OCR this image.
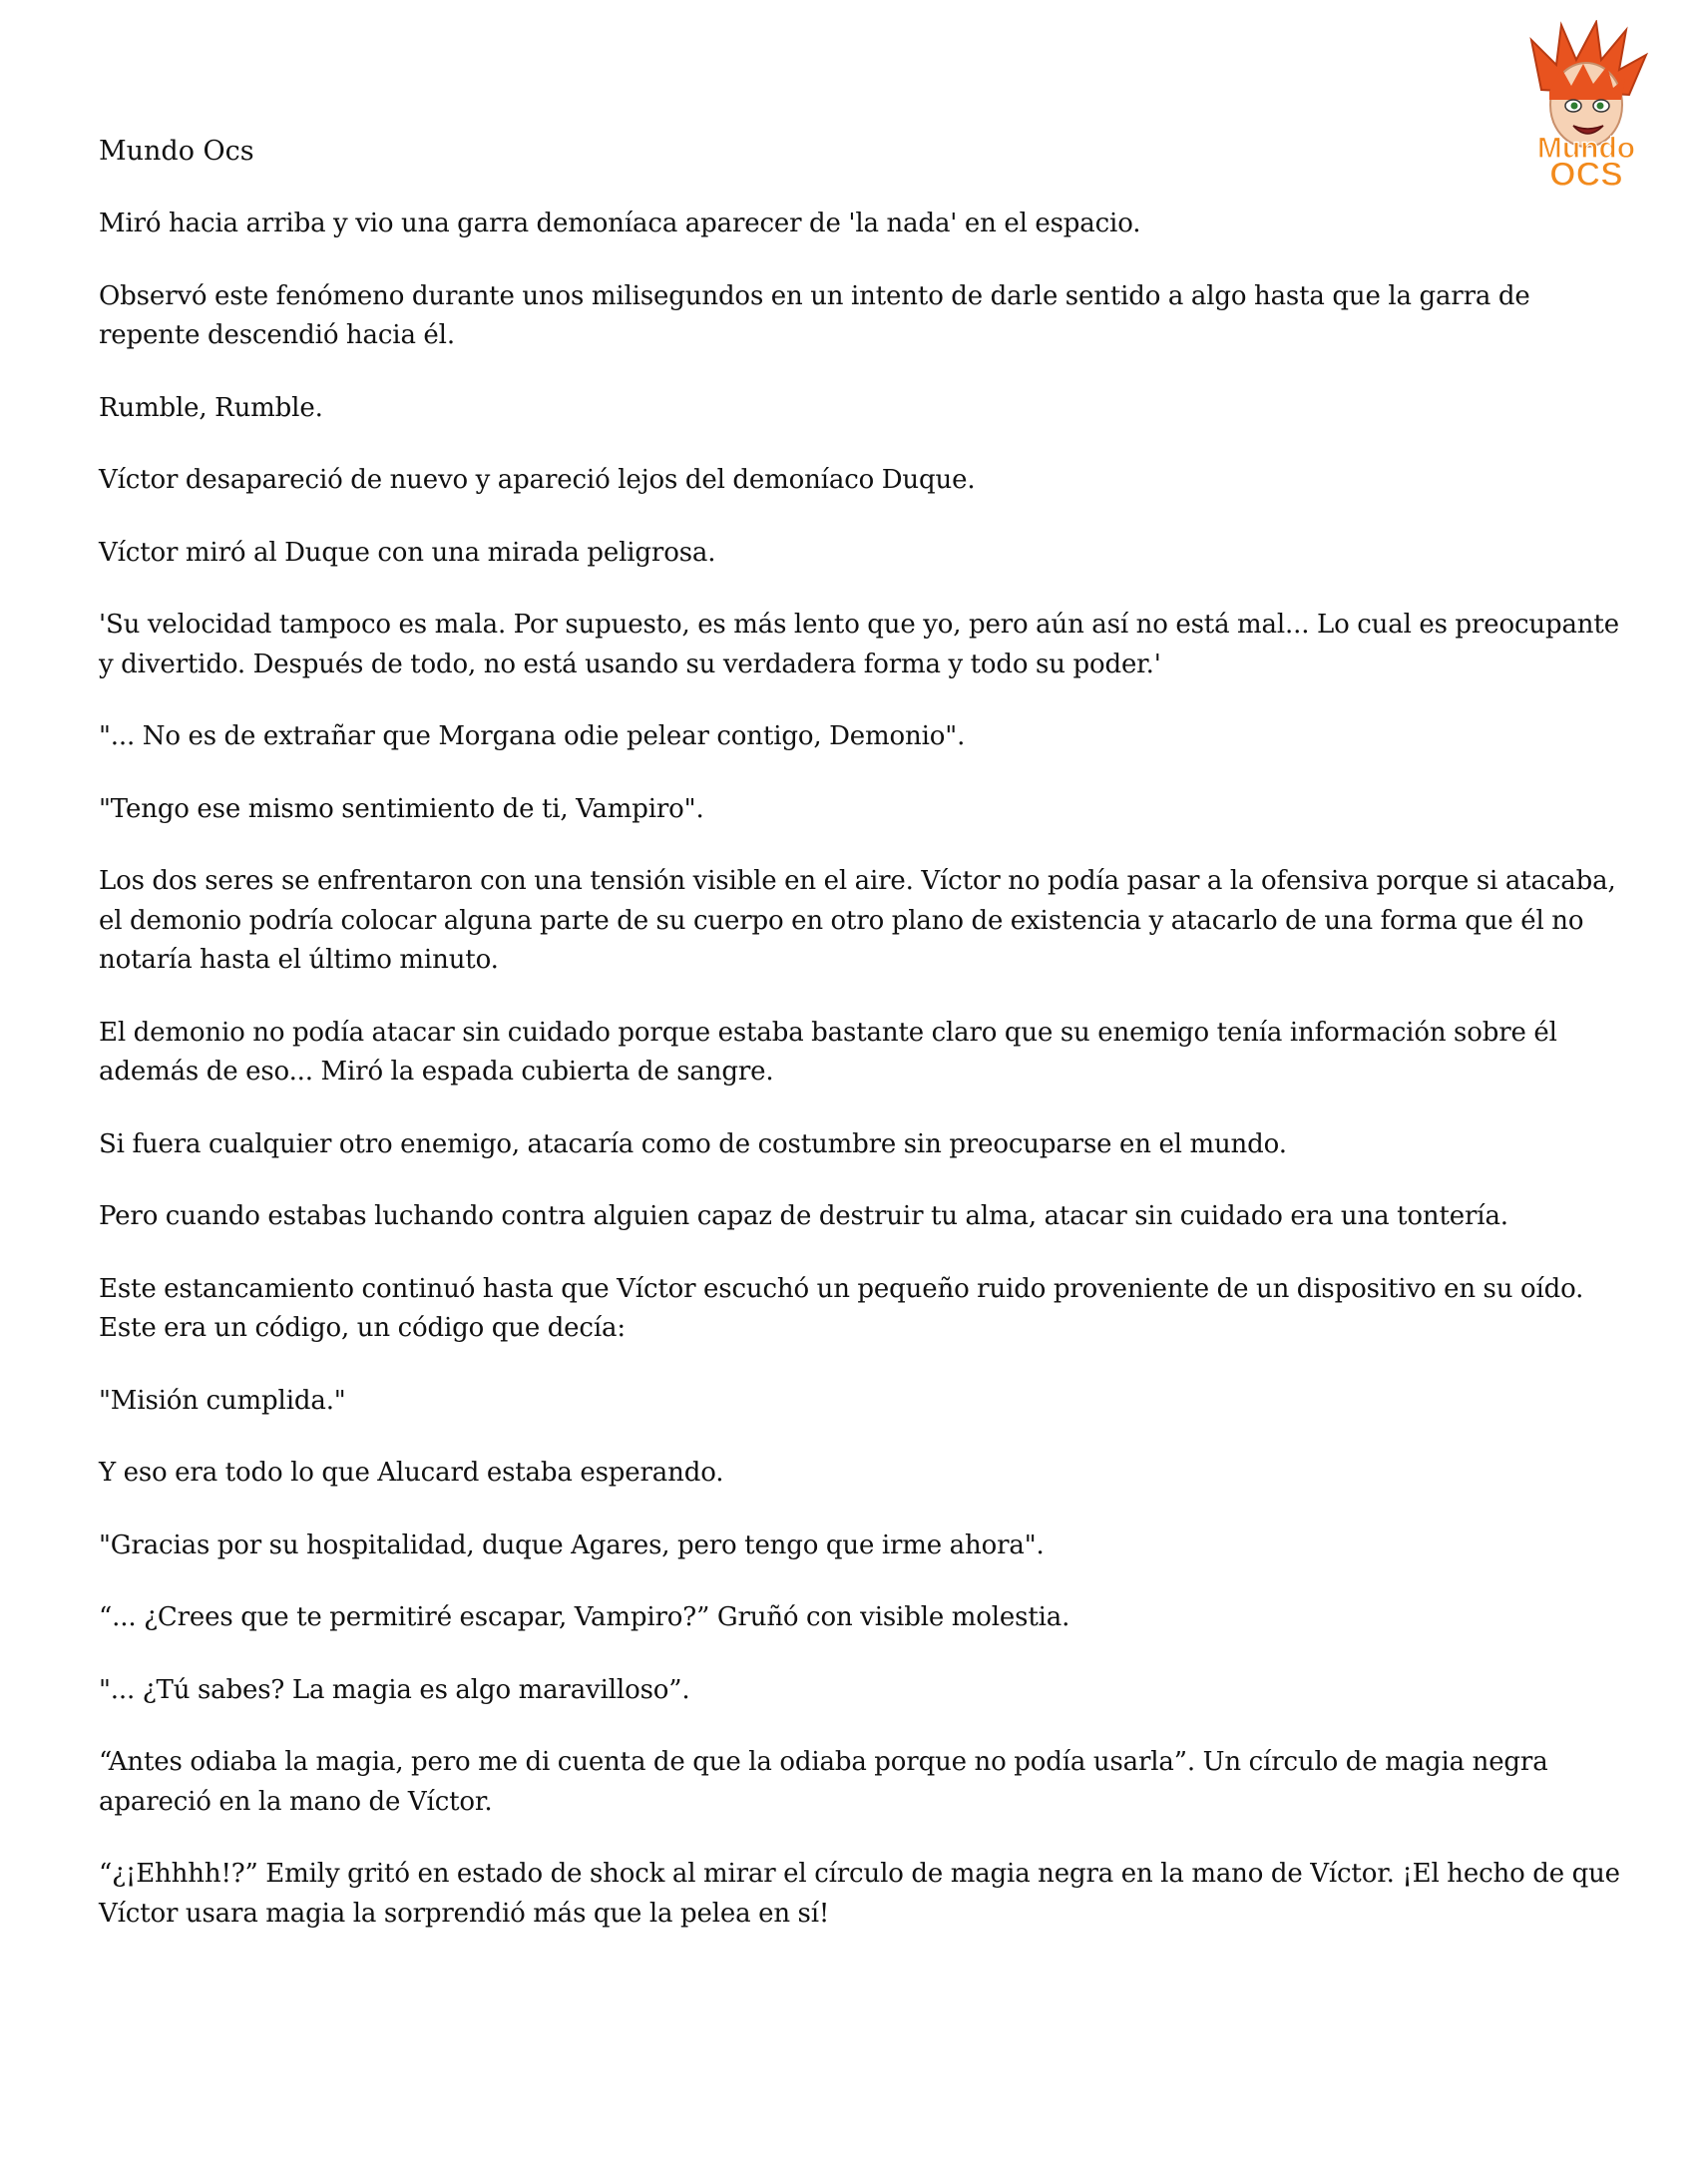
Mundo
OCS

Mundo Ocs

Miró hacia arriba y vio una garra demoníaca aparecer de 'la nada' en el espacio.

Observó este fenómeno durante unos milisegundos en un intento de darle sentido a algo hasta que la garra de repente descendió hacia él.

Rumble, Rumble.

Víctor desapareció de nuevo y apareció lejos del demoníaco Duque.

Víctor miró al Duque con una mirada peligrosa.

'Su velocidad tampoco es mala. Por supuesto, es más lento que yo, pero aún así no está mal... Lo cual es preocupante y divertido. Después de todo, no está usando su verdadera forma y todo su poder.'

"... No es de extrañar que Morgana odie pelear contigo, Demonio".

"Tengo ese mismo sentimiento de ti, Vampiro".

Los dos seres se enfrentaron con una tensión visible en el aire. Víctor no podía pasar a la ofensiva porque si atacaba, el demonio podría colocar alguna parte de su cuerpo en otro plano de existencia y atacarlo de una forma que él no notaría hasta el último minuto.

El demonio no podía atacar sin cuidado porque estaba bastante claro que su enemigo tenía información sobre él además de eso... Miró la espada cubierta de sangre.

Si fuera cualquier otro enemigo, atacaría como de costumbre sin preocuparse en el mundo.

Pero cuando estabas luchando contra alguien capaz de destruir tu alma, atacar sin cuidado era una tontería.

Este estancamiento continuó hasta que Víctor escuchó un pequeño ruido proveniente de un dispositivo en su oído. Este era un código, un código que decía:

"Misión cumplida."

Y eso era todo lo que Alucard estaba esperando.

"Gracias por su hospitalidad, duque Agares, pero tengo que irme ahora".

“... ¿Crees que te permitiré escapar, Vampiro?” Gruñó con visible molestia.

"... ¿Tú sabes? La magia es algo maravilloso”.

“Antes odiaba la magia, pero me di cuenta de que la odiaba porque no podía usarla”. Un círculo de magia negra apareció en la mano de Víctor.

“¿¡Ehhhh!?” Emily gritó en estado de shock al mirar el círculo de magia negra en la mano de Víctor. ¡El hecho de que Víctor usara magia la sorprendió más que la pelea en sí!
